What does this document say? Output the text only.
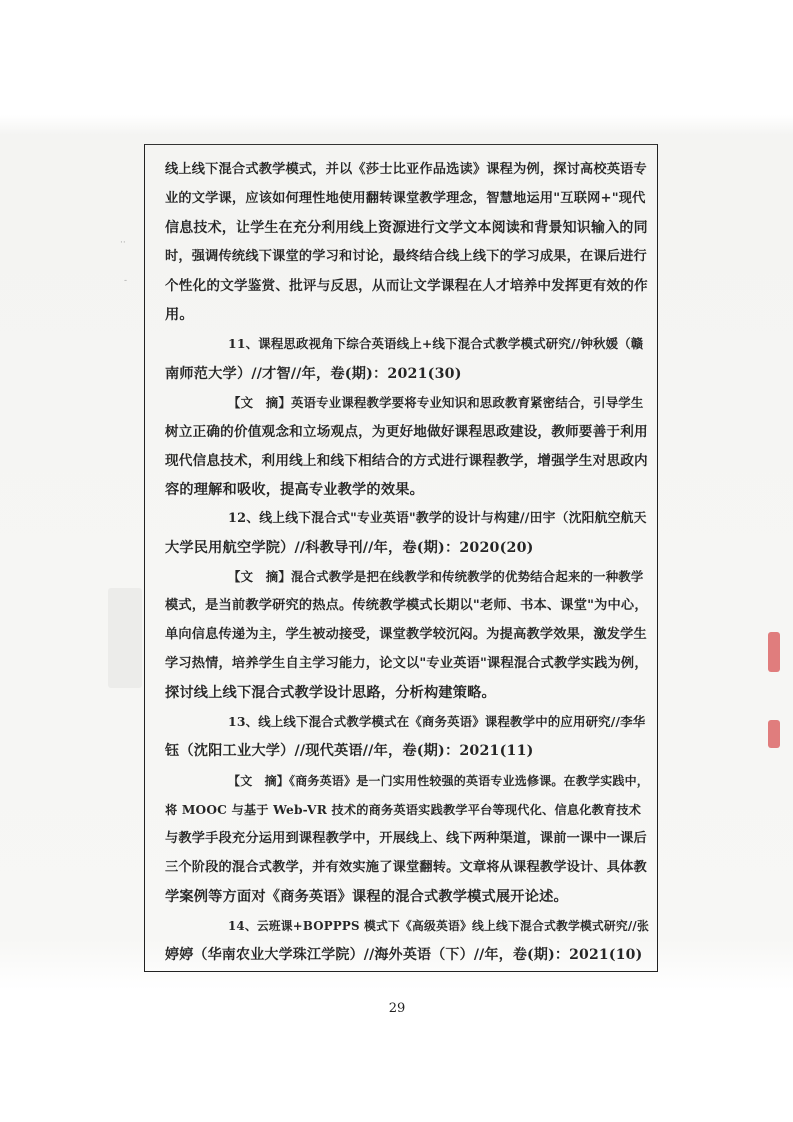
··
-
线上线下混合式教学模式，并以《莎士比亚作品选读》课程为例，探讨高校英语专
业的文学课，应该如何理性地使用翻转课堂教学理念，智慧地运用"互联网+"现代
信息技术，让学生在充分利用线上资源进行文学文本阅读和背景知识输入的同
时，强调传统线下课堂的学习和讨论，最终结合线上线下的学习成果，在课后进行
个性化的文学鉴赏、批评与反思，从而让文学课程在人才培养中发挥更有效的作
用。
11、课程思政视角下综合英语线上+线下混合式教学模式研究//钟秋媛（赣
南师范大学）//才智//年，卷(期)：2021(30)
【文　摘】英语专业课程教学要将专业知识和思政教育紧密结合，引导学生
树立正确的价值观念和立场观点，为更好地做好课程思政建设，教师要善于利用
现代信息技术，利用线上和线下相结合的方式进行课程教学，增强学生对思政内
容的理解和吸收，提高专业教学的效果。
12、线上线下混合式"专业英语"教学的设计与构建//田宇（沈阳航空航天
大学民用航空学院）//科教导刊//年，卷(期)：2020(20)
【文　摘】混合式教学是把在线教学和传统教学的优势结合起来的一种教学
模式，是当前教学研究的热点。传统教学模式长期以"老师、书本、课堂"为中心，
单向信息传递为主，学生被动接受，课堂教学较沉闷。为提高教学效果，激发学生
学习热情，培养学生自主学习能力，论文以"专业英语"课程混合式教学实践为例，
探讨线上线下混合式教学设计思路，分析构建策略。
13、线上线下混合式教学模式在《商务英语》课程教学中的应用研究//李华
钰（沈阳工业大学）//现代英语//年，卷(期)：2021(11)
【文　摘】《商务英语》是一门实用性较强的英语专业选修课。在教学实践中，
将 MOOC 与基于 Web-VR 技术的商务英语实践教学平台等现代化、信息化教育技术
与教学手段充分运用到课程教学中，开展线上、线下两种渠道，课前一课中一课后
三个阶段的混合式教学，并有效实施了课堂翻转。文章将从课程教学设计、具体教
学案例等方面对《商务英语》课程的混合式教学模式展开论述。
14、云班课+BOPPPS 模式下《高级英语》线上线下混合式教学模式研究//张
婷婷（华南农业大学珠江学院）//海外英语（下）//年，卷(期)：2021(10)
29
